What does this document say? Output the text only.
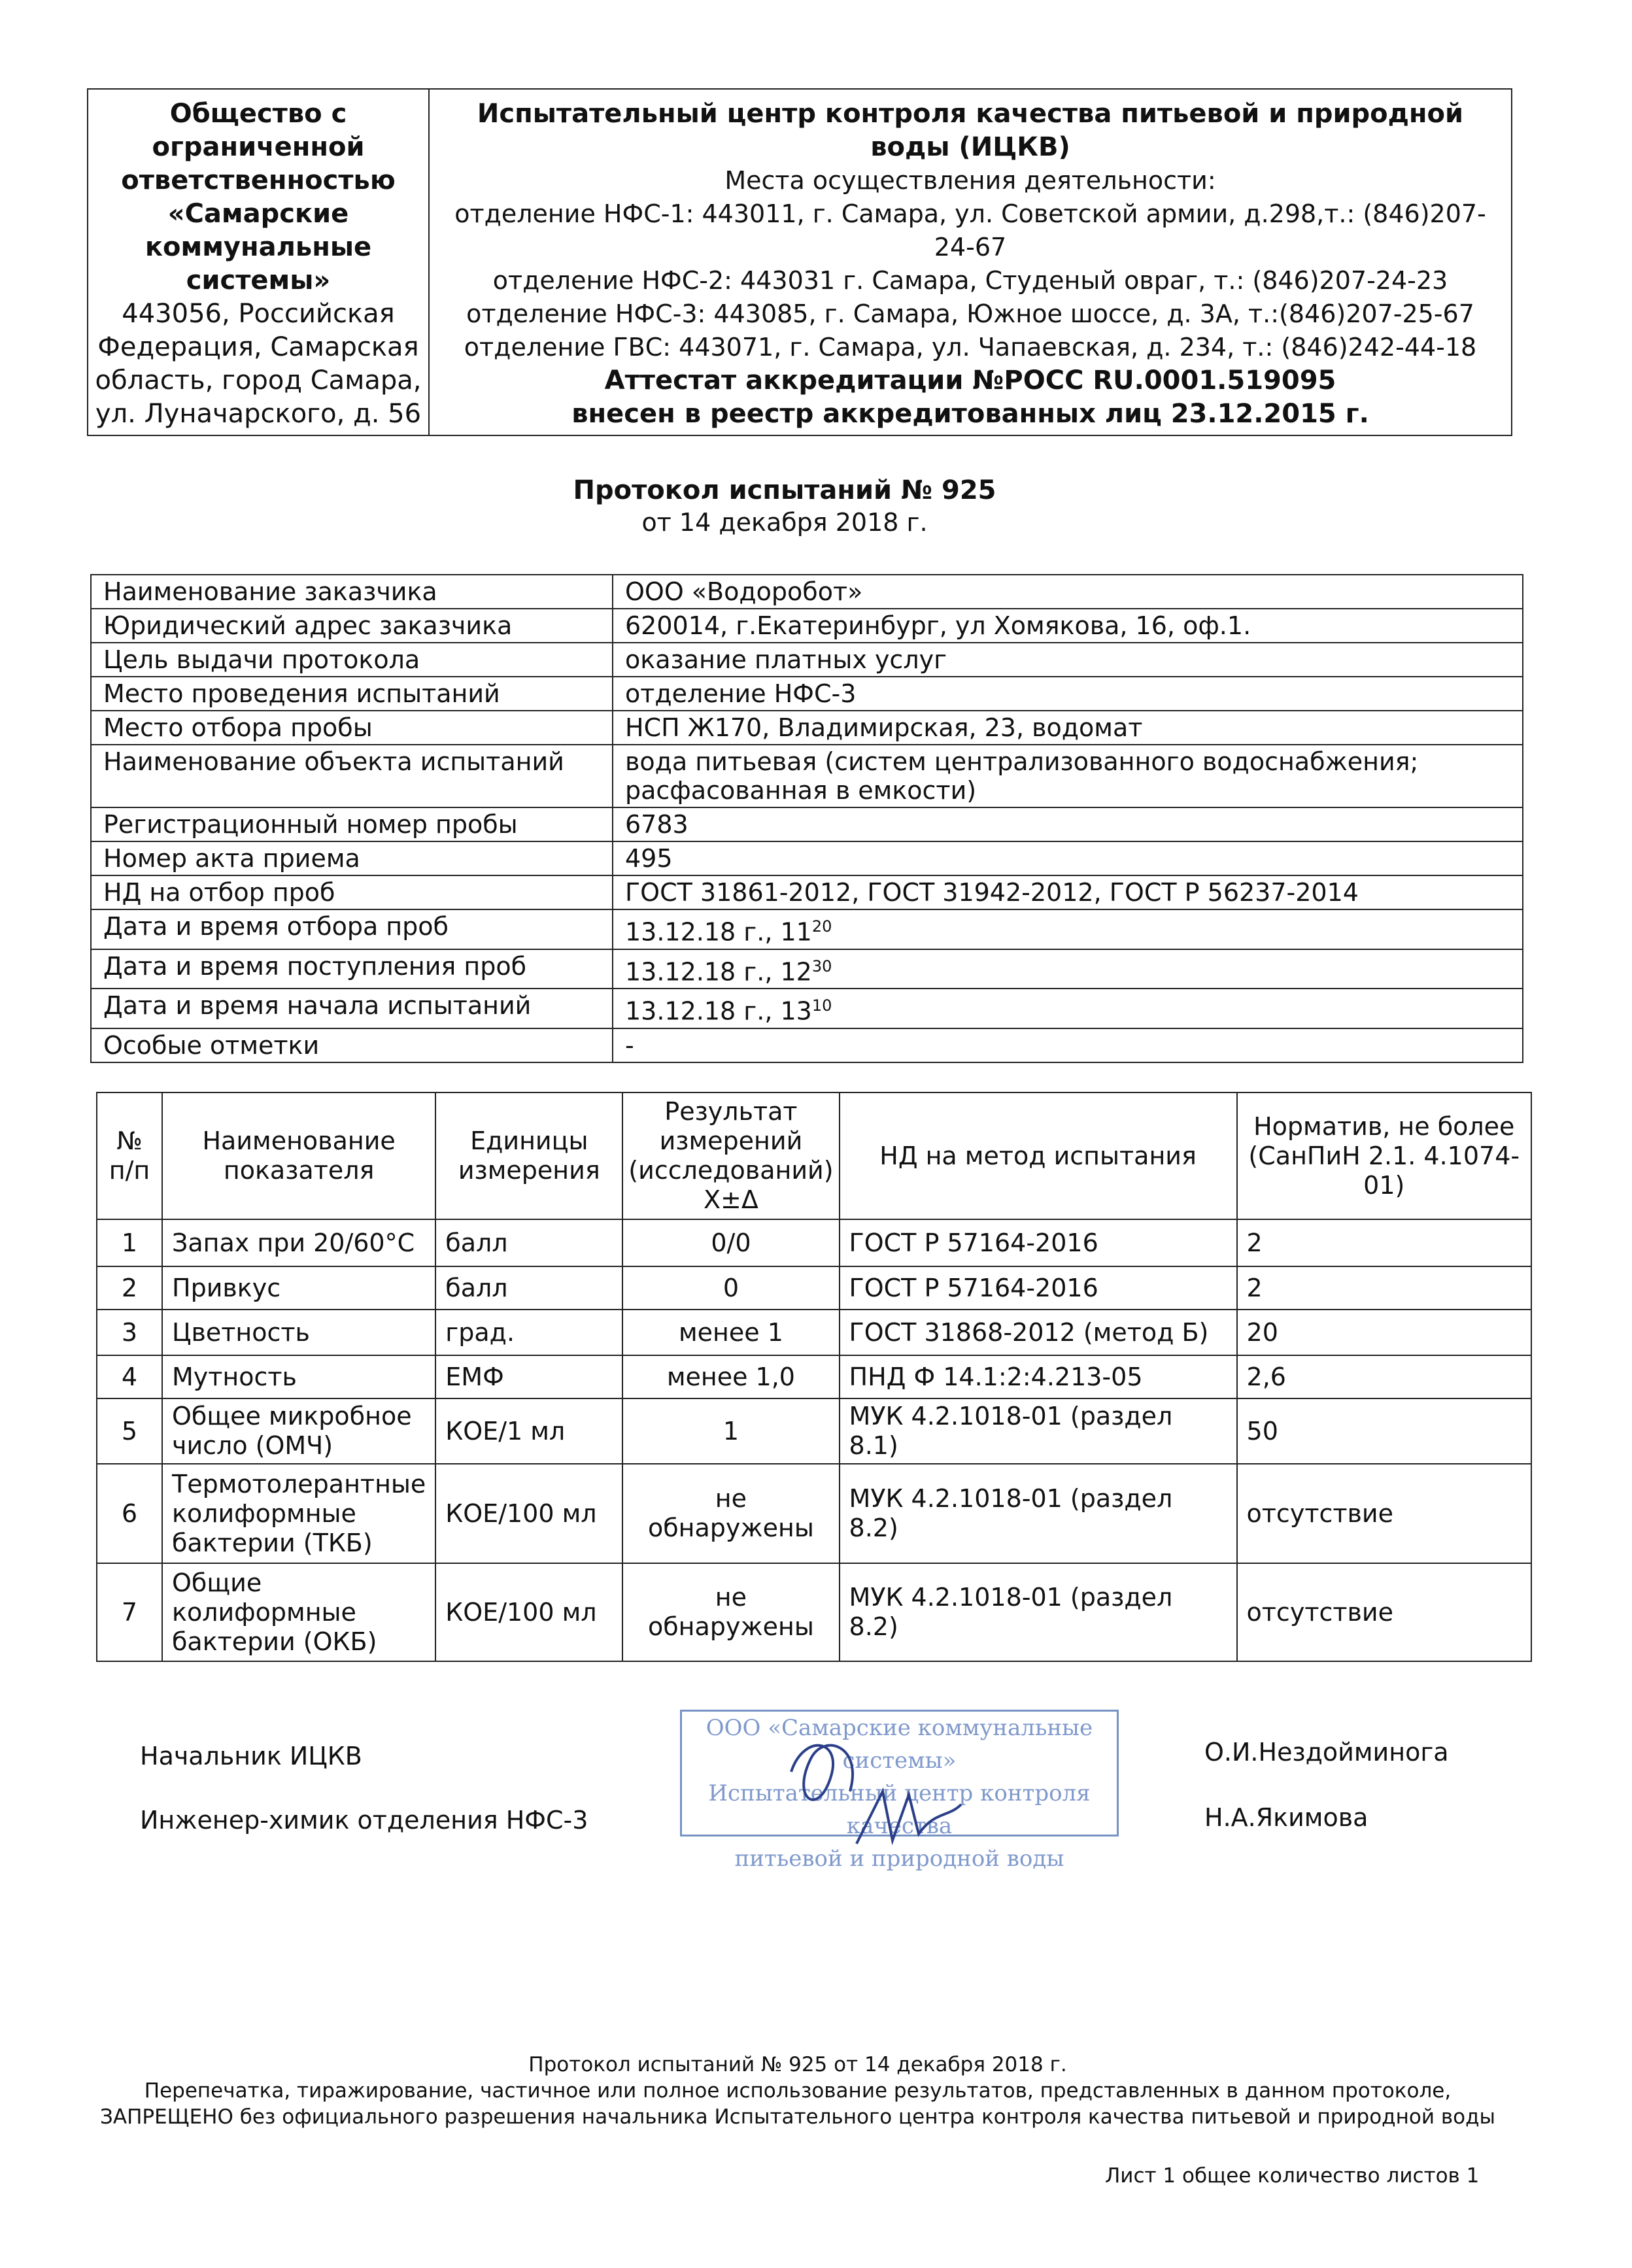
Общество с ограниченной ответственностью «Самарские коммунальные системы»
443056, Российская Федерация, Самарская область, город Самара, ул. Луначарского, д. 56

Испытательный центр контроля качества питьевой и природной воды (ИЦКВ)
Места осуществления деятельности:
отделение НФС-1: 443011, г. Самара, ул. Советской армии, д.298,т.: (846)207-24-67
отделение НФС-2: 443031 г. Самара, Студеный овраг, т.: (846)207-24-23
отделение НФС-3: 443085, г. Самара, Южное шоссе, д. 3А, т.:(846)207-25-67
отделение ГВС: 443071, г. Самара, ул. Чапаевская, д. 234, т.: (846)242-44-18
Аттестат аккредитации №РОСС RU.0001.519095
внесен в реестр аккредитованных лиц 23.12.2015 г.
Протокол испытаний № 925
от 14 декабря 2018 г.
Наименование заказчика	ООО «Водоробот»
Юридический адрес заказчика	620014, г.Екатеринбург, ул Хомякова, 16, оф.1.
Цель выдачи протокола	оказание платных услуг
Место проведения испытаний	отделение НФС-3
Место отбора пробы	НСП Ж170, Владимирская, 23, водомат
Наименование объекта испытаний	вода питьевая (систем централизованного водоснабжения; расфасованная в емкости)
Регистрационный номер пробы	6783
Номер акта приема	495
НД на отбор проб	ГОСТ 31861-2012, ГОСТ 31942-2012, ГОСТ Р 56237-2014
Дата и время отбора проб	13.12.18 г., $11^{20}$
Дата и время поступления проб	13.12.18 г., $12^{30}$
Дата и время начала испытаний	13.12.18 г., $13^{10}$
Особые отметки	-
№ п/п	Наименование показателя	Единицы измерения	Результат измерений (исследований) X±Δ	НД на метод испытания	Норматив, не более (СанПиН 2.1. 4.1074-01)
1	Запах при 20/60°С	балл	0/0	ГОСТ Р 57164-2016	2
2	Привкус	балл	0	ГОСТ Р 57164-2016	2
3	Цветность	град.	менее 1	ГОСТ 31868-2012 (метод Б)	20
4	Мутность	ЕМФ	менее 1,0	ПНД Ф 14.1:2:4.213-05	2,6
5	Общее микробное число (ОМЧ)	КОЕ/1 мл	1	МУК 4.2.1018-01 (раздел 8.1)	50
6	Термотолерантные колиформные бактерии (ТКБ)	КОЕ/100 мл	не обнаружены	МУК 4.2.1018-01 (раздел 8.2)	отсутствие
7	Общие колиформные бактерии (ОКБ)	КОЕ/100 мл	не обнаружены	МУК 4.2.1018-01 (раздел 8.2)	отсутствие
Начальник ИЦКВ	О.И.Нездойминога
Инженер-химик отделения НФС-3	Н.А.Якимова
ООО «Самарские коммунальные системы»
Испытательный центр контроля качества
питьевой и природной воды
Протокол испытаний № 925 от 14 декабря 2018 г.
Перепечатка, тиражирование, частичное или полное использование результатов, представленных в данном протоколе,
ЗАПРЕЩЕНО без официального разрешения начальника Испытательного центра контроля качества питьевой и природной воды
Лист 1 общее количество листов 1
